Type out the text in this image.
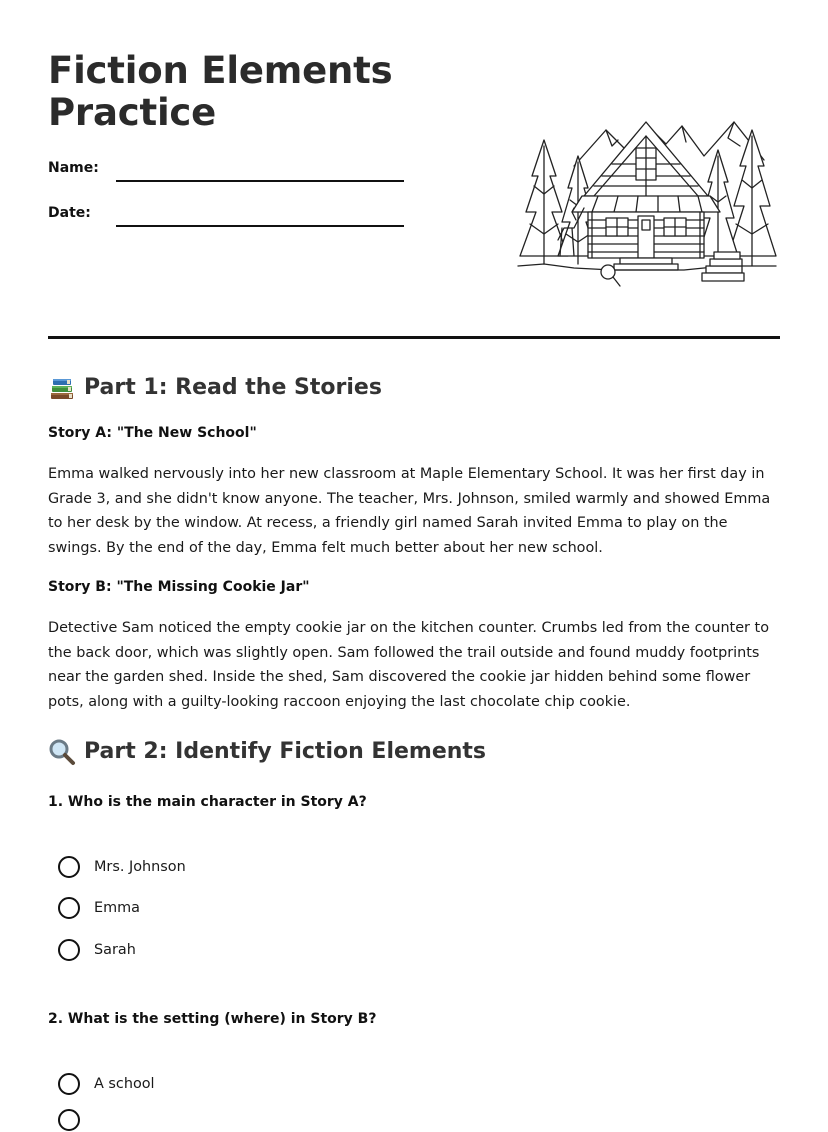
Fiction Elements
Practice
Name:
Date:
Part 1: Read the Stories

Story A: "The New School"

Emma walked nervously into her new classroom at Maple Elementary School. It was her first day in Grade 3, and she didn't know anyone. The teacher, Mrs. Johnson, smiled warmly and showed Emma to her desk by the window. At recess, a friendly girl named Sarah invited Emma to play on the swings. By the end of the day, Emma felt much better about her new school.

Story B: "The Missing Cookie Jar"

Detective Sam noticed the empty cookie jar on the kitchen counter. Crumbs led from the counter to the back door, which was slightly open. Sam followed the trail outside and found muddy footprints near the garden shed. Inside the shed, Sam discovered the cookie jar hidden behind some flower pots, along with a guilty-looking raccoon enjoying the last chocolate chip cookie.

Part 2: Identify Fiction Elements

1. Who is the main character in Story A?

Mrs. Johnson
Emma
Sarah

2. What is the setting (where) in Story B?

A school
